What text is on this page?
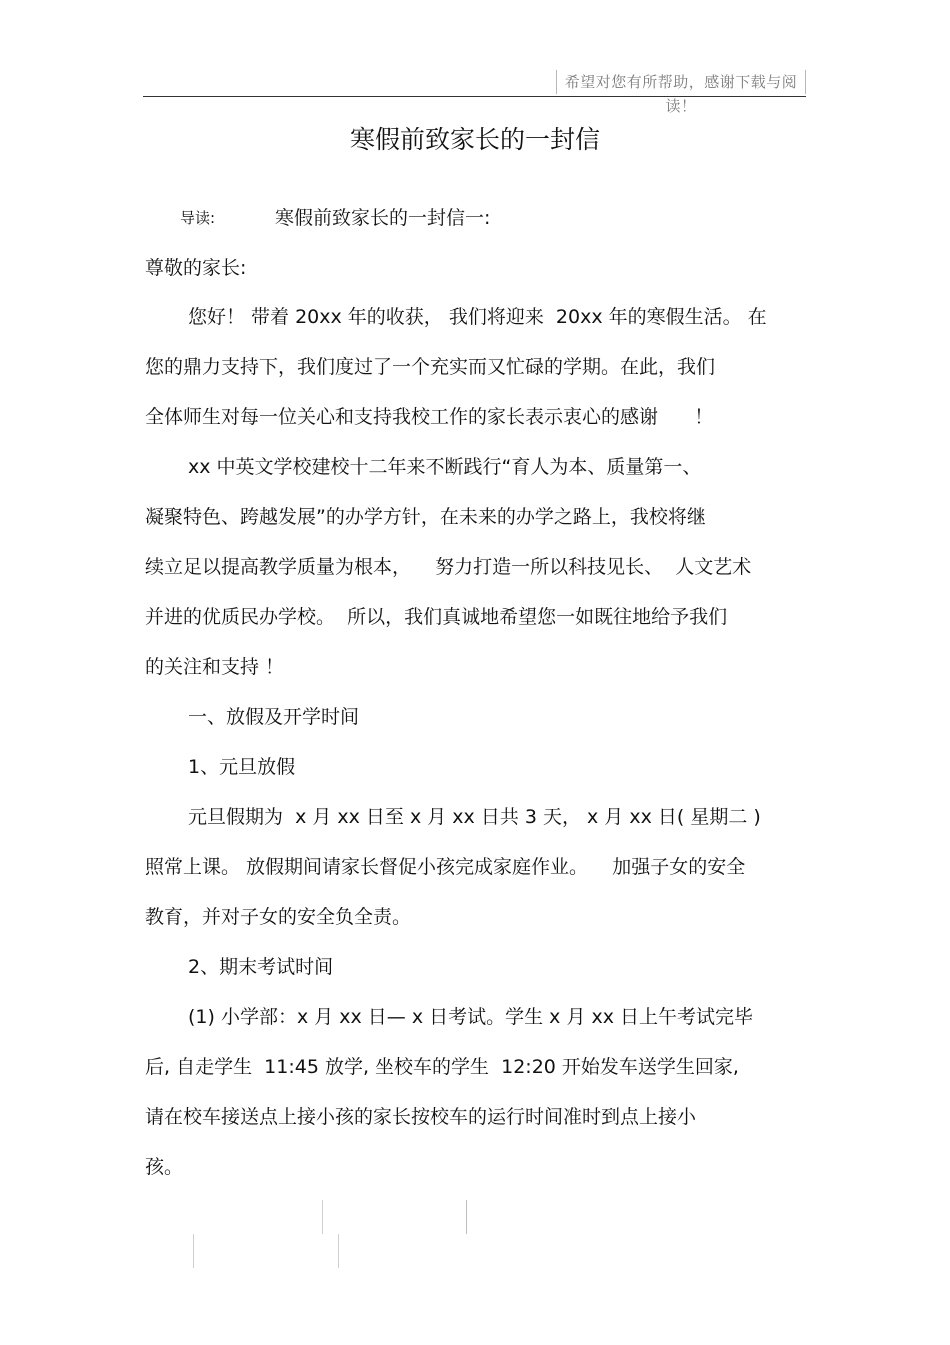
希望对您有所帮助，感谢下载与阅读！
寒假前致家长的一封信
导读:	寒假前致家长的一封信一:
尊敬的家长:
您好！ 带着 20xx 年的收获， 我们将迎来  20xx 年的寒假生活。 在
您的鼎力支持下，我们度过了一个充实而又忙碌的学期。在此，我们
全体师生对每一位关心和支持我校工作的家长表示衷心的感谢      ！
xx 中英文学校建校十二年来不断践行“育人为本、质量第一、
凝聚特色、跨越发展”的办学方针，在未来的办学之路上，我校将继
续立足以提高教学质量为根本，    努力打造一所以科技见长、  人文艺术
并进的优质民办学校。  所以，我们真诚地希望您一如既往地给予我们
的关注和支持 ！
一、放假及开学时间
1、元旦放假
元旦假期为  x 月 xx 日至 x 月 xx 日共 3 天， x 月 xx 日( 星期二 )
照常上课。 放假期间请家长督促小孩完成家庭作业。    加强子女的安全
教育，并对子女的安全负全责。
2、期末考试时间
(1) 小学部：x 月 xx 日— x 日考试。学生 x 月 xx 日上午考试完毕
后, 自走学生  11:45 放学, 坐校车的学生  12:20 开始发车送学生回家,
请在校车接送点上接小孩的家长按校车的运行时间准时到点上接小
孩。
